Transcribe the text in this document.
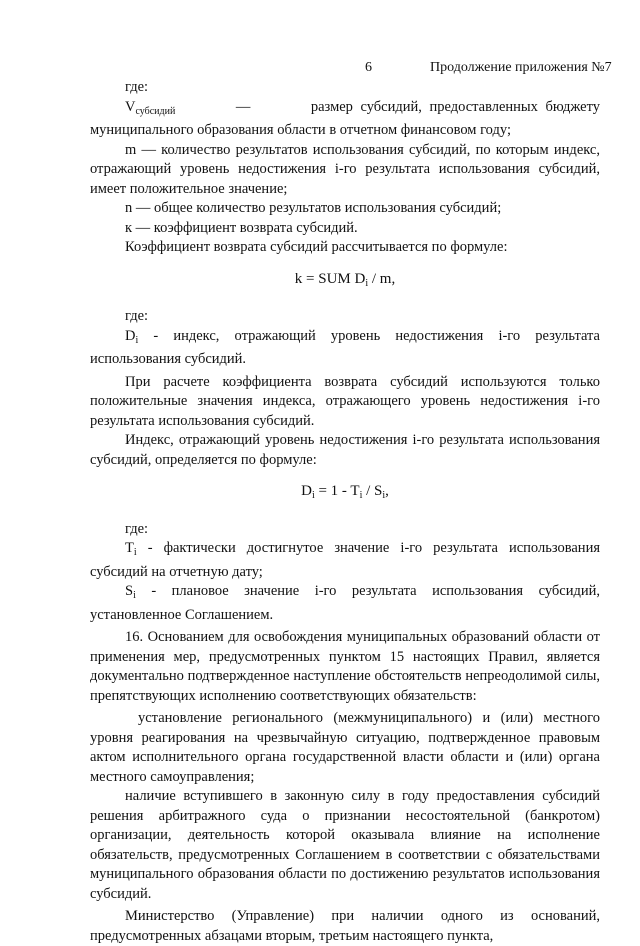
6	Продолжение приложения №7

где:

$V_{субсидий}$	—	размер субсидий, предоставленных бюджету

муниципального образования области в отчетном финансовом году;

m — количество результатов использования субсидий, по которым индекс, отражающий уровень недостижения i-го результата использования субсидий, имеет положительное значение;

n — общее количество результатов использования субсидий;

к — коэффициент возврата субсидий.

Коэффициент возврата субсидий рассчитывается по формуле:

k = SUM $D_i$ / m,

где:

$D_i$ - индекс, отражающий уровень недостижения i-го результата использования субсидий.

При расчете коэффициента возврата субсидий используются только положительные значения индекса, отражающего уровень недостижения i-го результата использования субсидий.

Индекс, отражающий уровень недостижения i-го результата использования субсидий, определяется по формуле:

$D_i = 1 - T_i / S_i$,

где:

$T_i$ - фактически достигнутое значение i-го результата использования субсидий на отчетную дату;

$S_i$ - плановое значение i-го результата использования субсидий, установленное Соглашением.

16. Основанием для освобождения муниципальных образований области от применения мер, предусмотренных пунктом 15 настоящих Правил, является документально подтвержденное наступление обстоятельств непреодолимой силы, препятствующих исполнению соответствующих обязательств:

установление регионального (межмуниципального) и (или) местного уровня реагирования на чрезвычайную ситуацию, подтвержденное правовым актом исполнительного органа государственной власти области и (или) органа местного самоуправления;

наличие вступившего в законную силу в году предоставления субсидий решения арбитражного суда о признании несостоятельной (банкротом) организации, деятельность которой оказывала влияние на исполнение обязательств, предусмотренных Соглашением в соответствии с обязательствами муниципального образования области по достижению результатов использования субсидий.

Министерство (Управление) при наличии одного из оснований, предусмотренных абзацами вторым, третьим настоящего пункта,
